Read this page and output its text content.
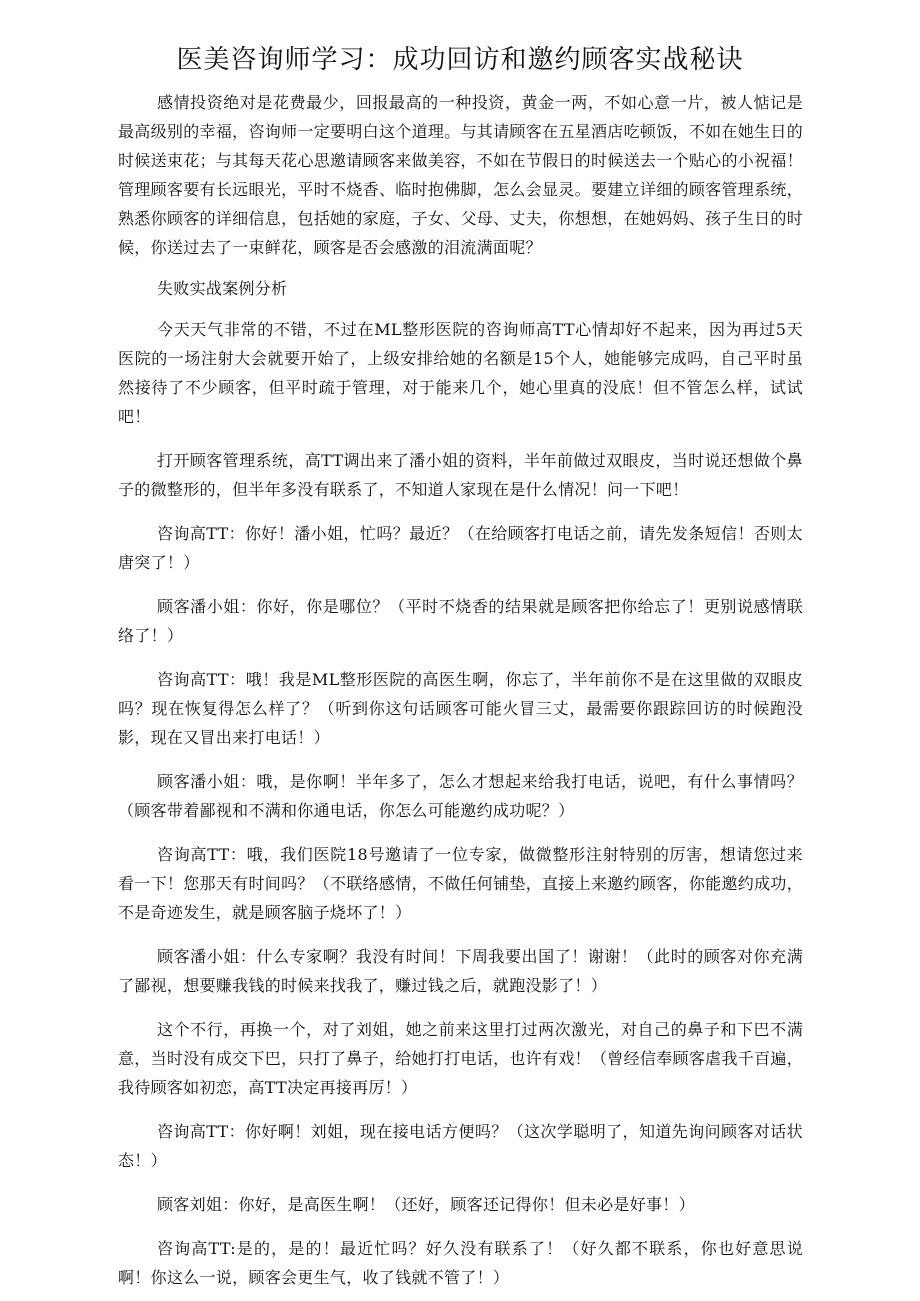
医美咨询师学习：成功回访和邀约顾客实战秘诀

感情投资绝对是花费最少，回报最高的一种投资，黄金一两，不如心意一片，被人惦记是最高级别的幸福，咨询师一定要明白这个道理。与其请顾客在五星酒店吃顿饭，不如在她生日的时候送束花；与其每天花心思邀请顾客来做美容，不如在节假日的时候送去一个贴心的小祝福！管理顾客要有长远眼光，平时不烧香、临时抱佛脚，怎么会显灵。要建立详细的顾客管理系统，熟悉你顾客的详细信息，包括她的家庭，子女、父母、丈夫，你想想，在她妈妈、孩子生日的时候，你送过去了一束鲜花，顾客是否会感激的泪流满面呢？

失败实战案例分析

今天天气非常的不错，不过在ML整形医院的咨询师高TT心情却好不起来，因为再过5天医院的一场注射大会就要开始了，上级安排给她的名额是15个人，她能够完成吗，自己平时虽然接待了不少顾客，但平时疏于管理，对于能来几个，她心里真的没底！但不管怎么样，试试吧！

打开顾客管理系统，高TT调出来了潘小姐的资料，半年前做过双眼皮，当时说还想做个鼻子的微整形的，但半年多没有联系了，不知道人家现在是什么情况！问一下吧！

咨询高TT：你好！潘小姐，忙吗？最近？（在给顾客打电话之前，请先发条短信！否则太唐突了！）

顾客潘小姐：你好，你是哪位？（平时不烧香的结果就是顾客把你给忘了！更别说感情联络了！）

咨询高TT：哦！我是ML整形医院的高医生啊，你忘了，半年前你不是在这里做的双眼皮吗？现在恢复得怎么样了？（听到你这句话顾客可能火冒三丈，最需要你跟踪回访的时候跑没影，现在又冒出来打电话！）

顾客潘小姐：哦，是你啊！半年多了，怎么才想起来给我打电话，说吧，有什么事情吗？（顾客带着鄙视和不满和你通电话，你怎么可能邀约成功呢？）

咨询高TT：哦，我们医院18号邀请了一位专家，做微整形注射特别的厉害，想请您过来看一下！您那天有时间吗？（不联络感情，不做任何铺垫，直接上来邀约顾客，你能邀约成功，不是奇迹发生，就是顾客脑子烧坏了！）

顾客潘小姐：什么专家啊？我没有时间！下周我要出国了！谢谢！（此时的顾客对你充满了鄙视，想要赚我钱的时候来找我了，赚过钱之后，就跑没影了！）

这个不行，再换一个，对了刘姐，她之前来这里打过两次激光，对自己的鼻子和下巴不满意，当时没有成交下巴，只打了鼻子，给她打打电话，也许有戏！（曾经信奉顾客虐我千百遍，我待顾客如初恋，高TT决定再接再厉！）

咨询高TT：你好啊！刘姐，现在接电话方便吗？（这次学聪明了，知道先询问顾客对话状态！）

顾客刘姐：你好，是高医生啊！（还好，顾客还记得你！但未必是好事！）

咨询高TT:是的，是的！最近忙吗？好久没有联系了！（好久都不联系，你也好意思说啊！你这么一说，顾客会更生气，收了钱就不管了！）
